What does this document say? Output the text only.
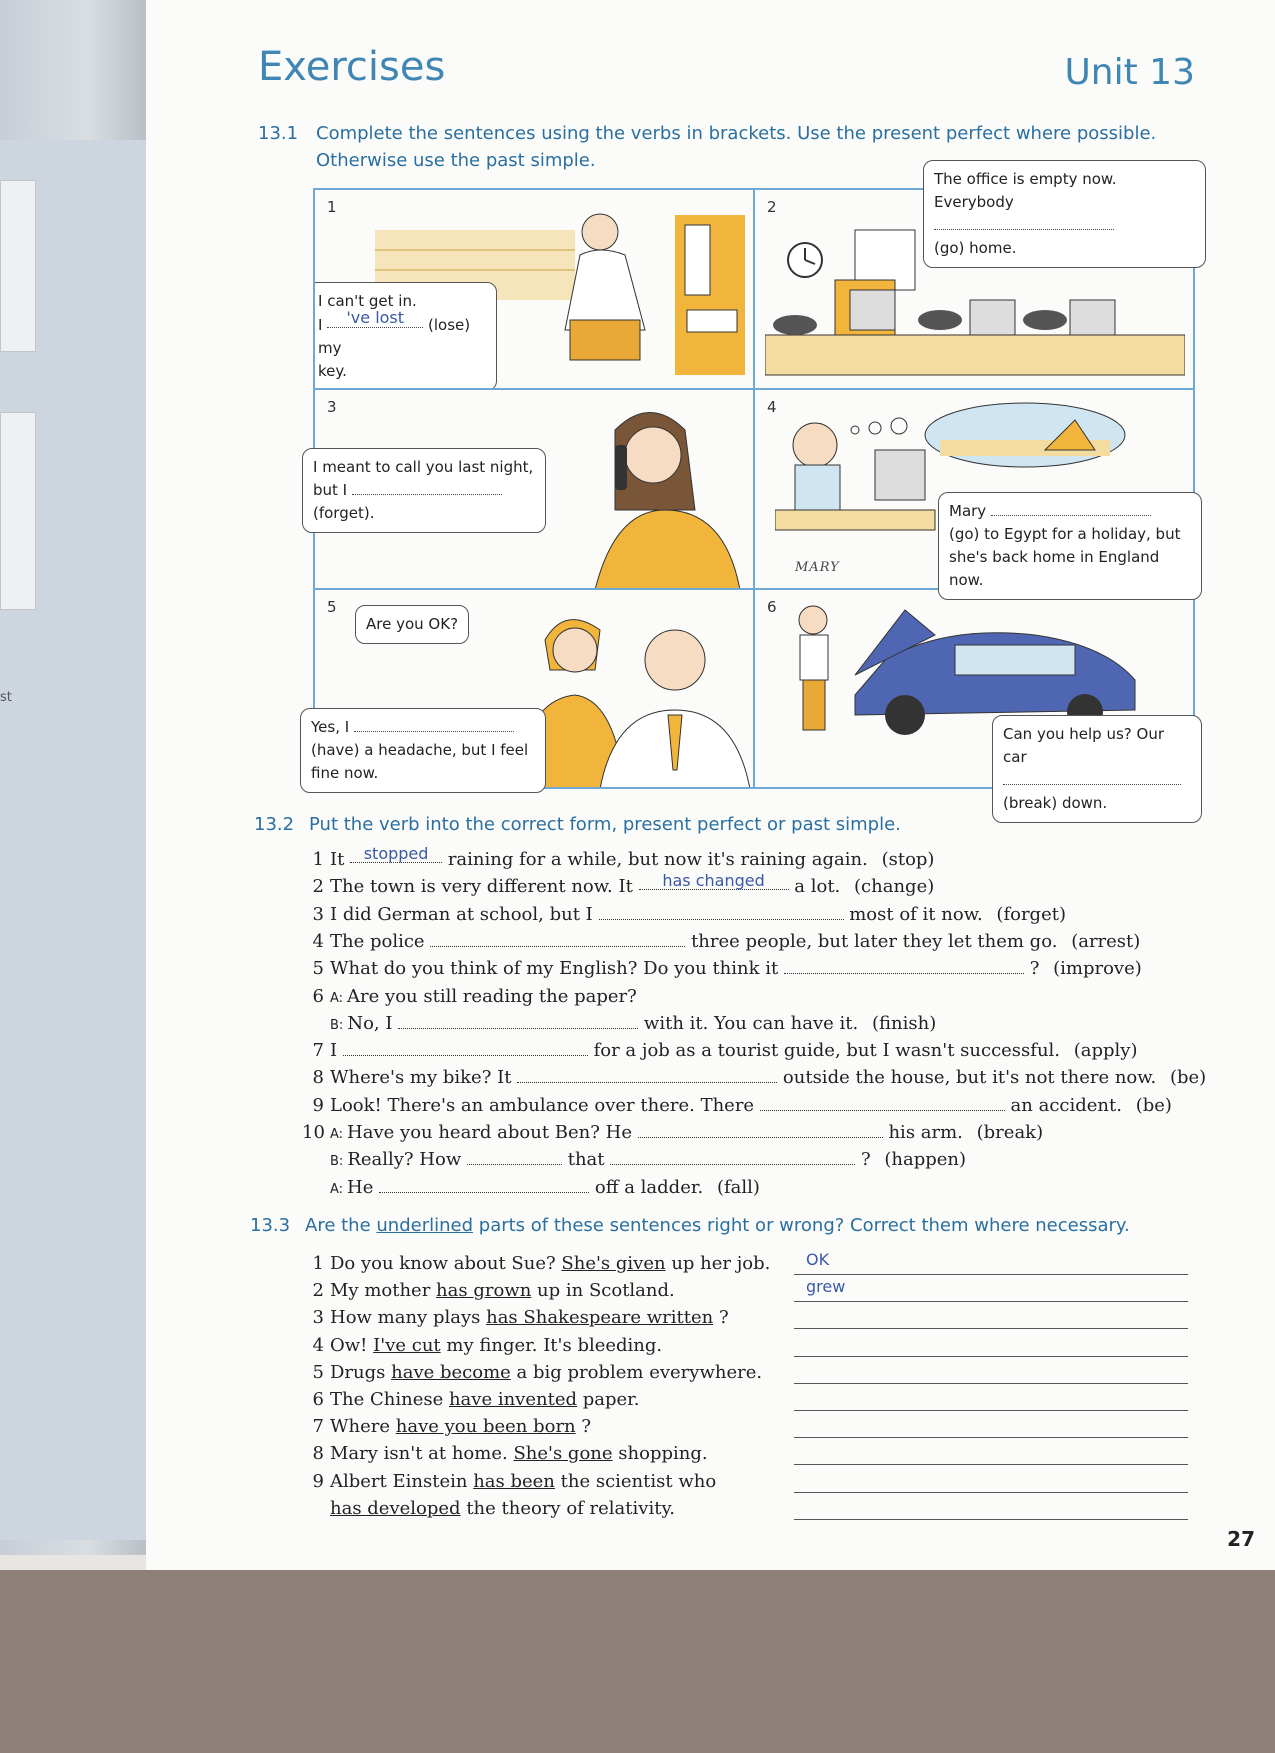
st
Exercises	Unit 13
13.1 Complete the sentences using the verbs in brackets. Use the present perfect where possible.
Otherwise use the past simple.
1
I can't get in.
I 've lost (lose) my
key.
2
3	4
MARY
5
Are you OK?
6
The office is empty now.
Everybody
(go) home.
I meant to call you last night,
but I
(forget).	Mary
(go) to Egypt for a holiday, but
she's back home in England now.
Yes, I
(have) a headache, but I feel
fine now.
Can you help us? Our car
(break) down.
13.2 Put the verb into the correct form, present perfect or past simple.
13.3 Are the underlined parts of these sentences right or wrong? Correct them where necessary.
27
1 It stopped raining for a while, but now it's raining again. (stop)
2 The town is very different now. It has changed a lot. (change)
3 I did German at school, but I	most of it now. (forget)
4 The police	three people, but later they let them go. (arrest)
5 What do you think of my English? Do you think it	? (improve)
6 A: Are you still reading the paper?
B: No, I	with it. You can have it. (finish)
7 I	for a job as a tourist guide, but I wasn't successful. (apply)
8 Where's my bike? It	outside the house, but it's not there now. (be)
9 Look! There's an ambulance over there. There	an accident. (be)
10 A: Have you heard about Ben? He	his arm. (break)
B: Really? How	that	? (happen)
A: He	off a ladder. (fall)
1 Do you know about Sue? She's given up her job. OK
2 My mother has grown up in Scotland.	grew
3 How many plays has Shakespeare written ?
4 Ow! I've cut my finger. It's bleeding.
5 Drugs have become a big problem everywhere.
6 The Chinese have invented paper.
7 Where have you been born ?
8 Mary isn't at home. She's gone shopping.
9 Albert Einstein has been the scientist who
has developed the theory of relativity.
